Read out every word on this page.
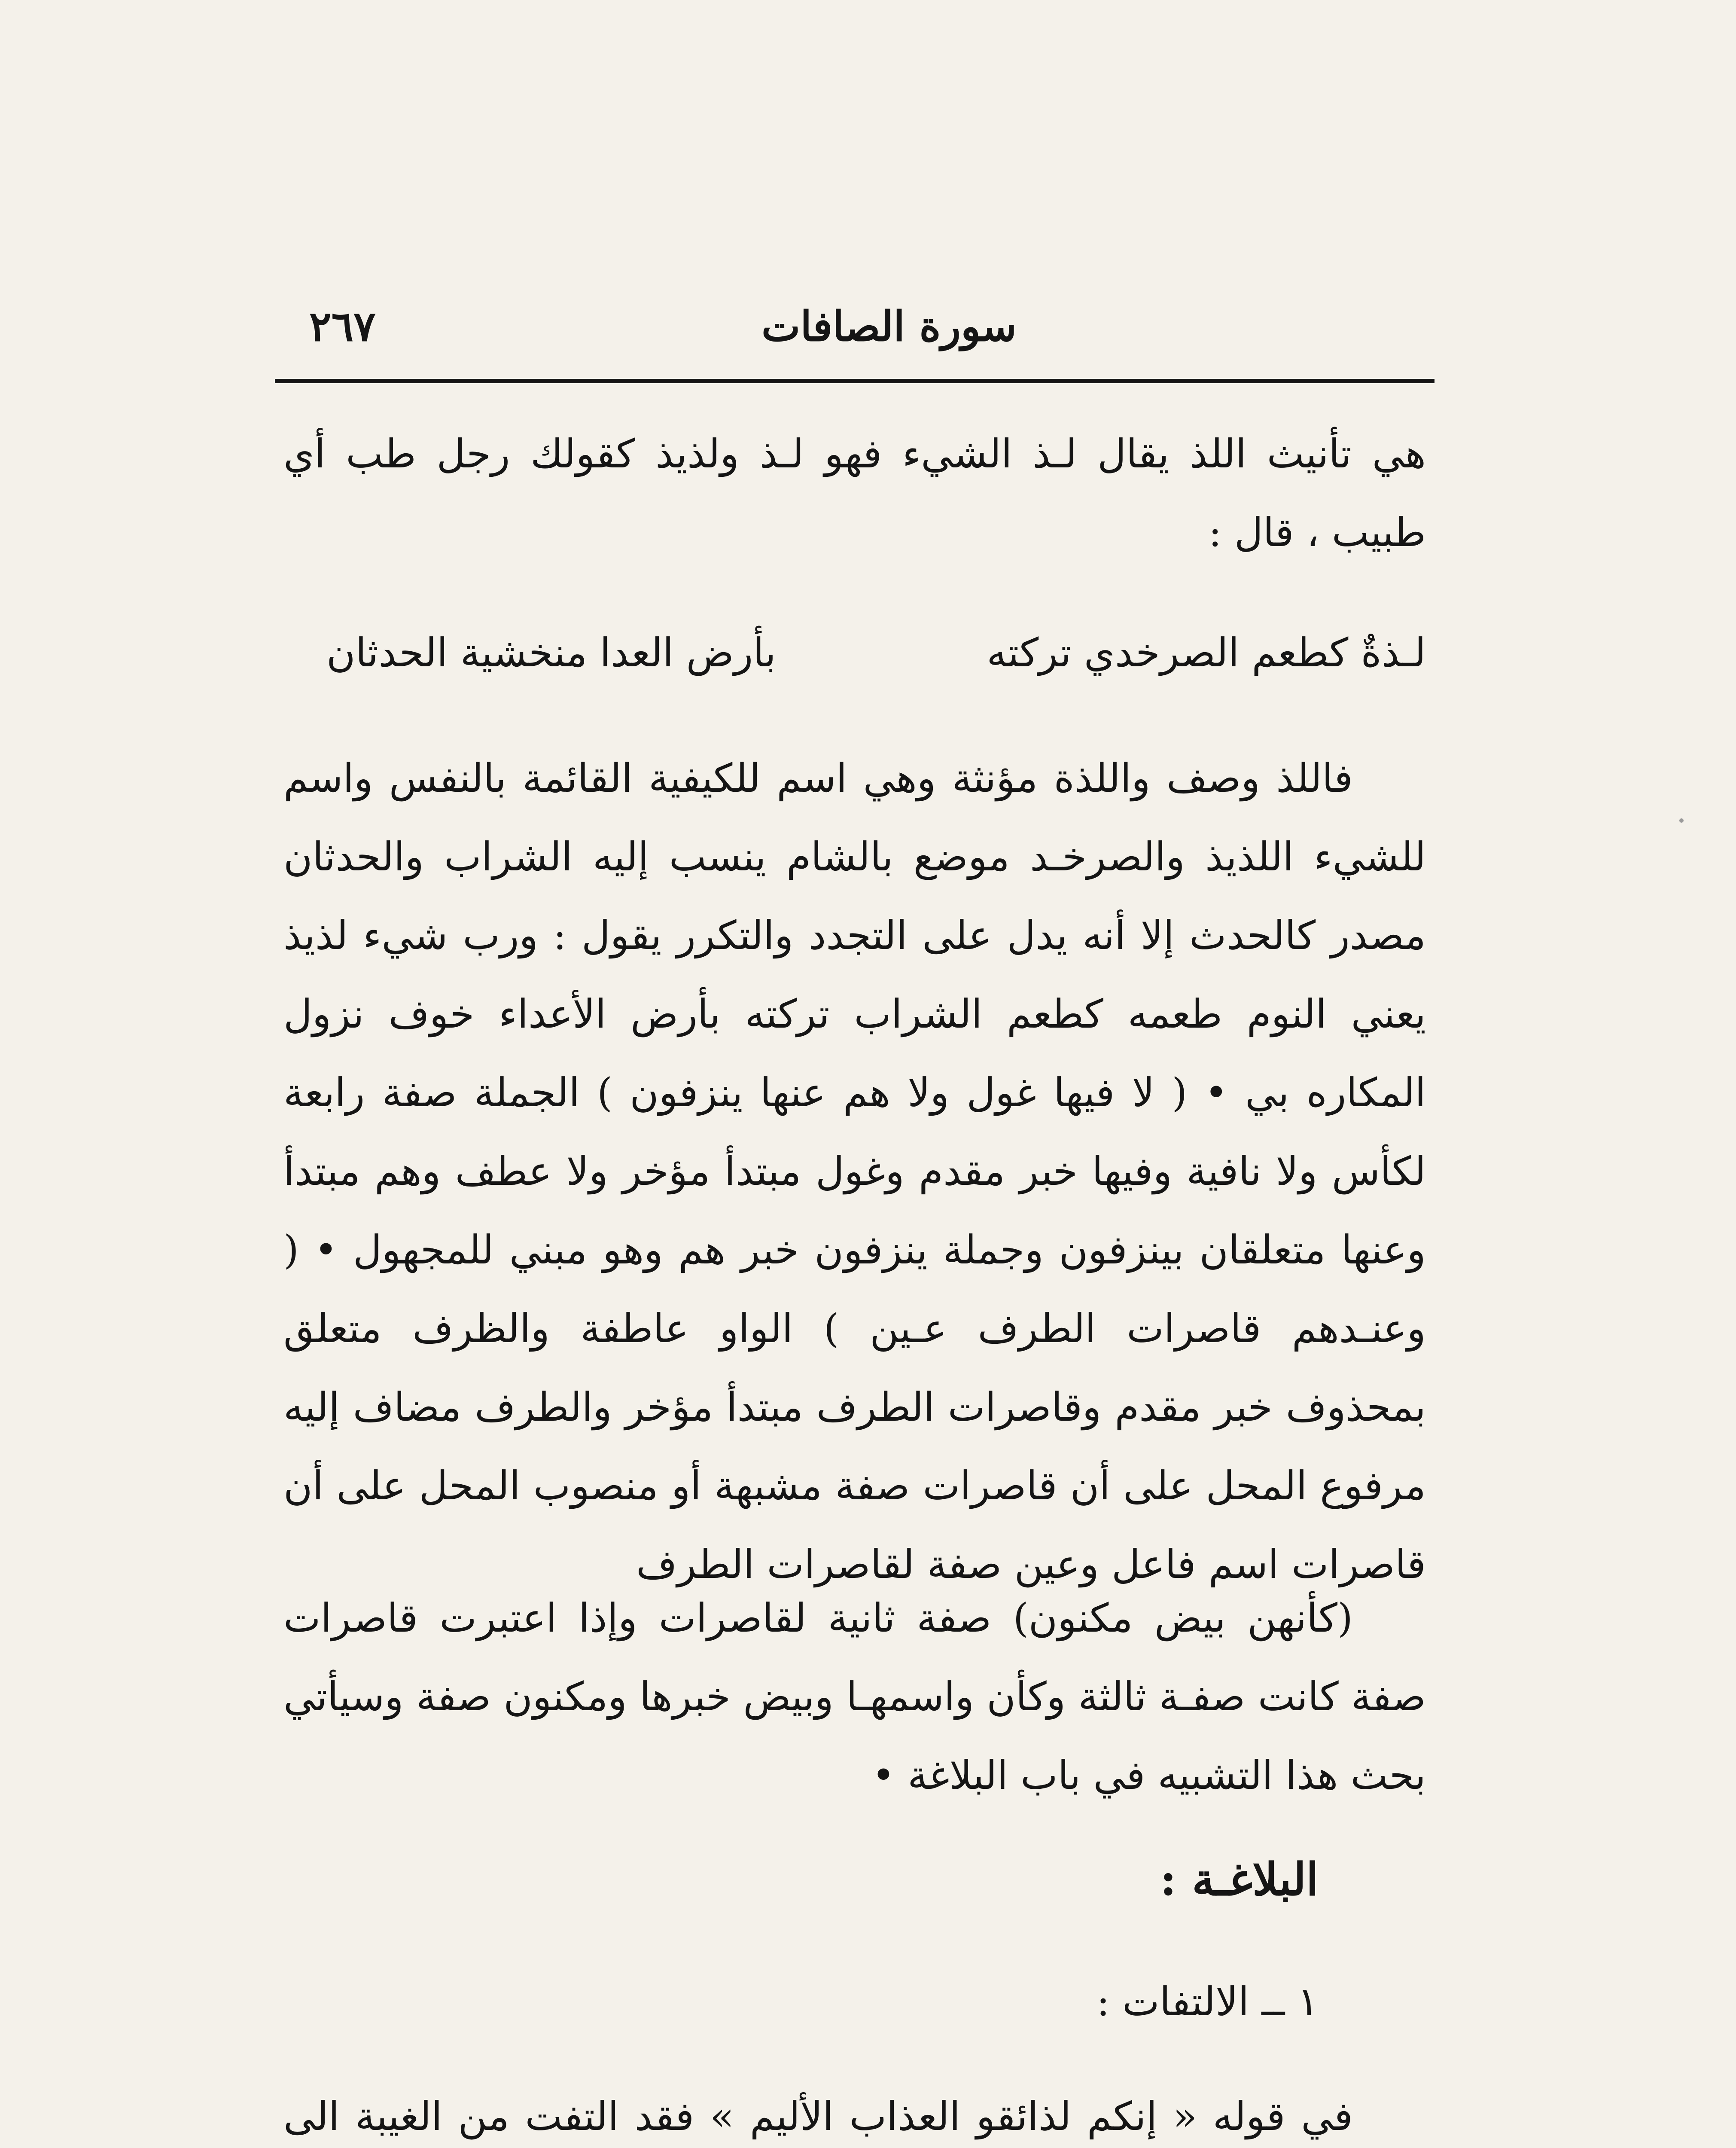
٢٦٧	سورة الصافات

هي تأنيث اللذ يقال لـذ الشيء فهو لـذ ولذيذ كقولك رجل طب أي طبيب ، قال :

لـذةٌ كطعم الصرخدي تركته
بأرض العدا منخشية الحدثان

فاللذ وصف واللذة مؤنثة وهي اسم للكيفية القائمة بالنفس واسم للشيء اللذيذ والصرخـد موضع بالشام ينسب إليه الشراب والحدثان مصدر كالحدث إلا أنه يدل على التجدد والتكرر يقول : ورب شيء لذيذ يعني النوم طعمه كطعم الشراب تركته بأرض الأعداء خوف نزول المكاره بي • ( لا فيها غول ولا هم عنها ينزفون ) الجملة صفة رابعة لكأس ولا نافية وفيها خبر مقدم وغول مبتدأ مؤخر ولا عطف وهم مبتدأ وعنها متعلقان بينزفون وجملة ينزفون خبر هم وهو مبني للمجهول • ( وعنـدهم قاصرات الطرف عـين ) الواو عاطفة والظرف متعلق بمحذوف خبر مقدم وقاصرات الطرف مبتدأ مؤخر والطرف مضاف إليه مرفوع المحل على أن قاصرات صفة مشبهة أو منصوب المحل على أن قاصرات اسم فاعل وعين صفة لقاصرات الطرف

(كأنهن بيض مكنون) صفة ثانية لقاصرات وإذا اعتبرت قاصرات صفة كانت صفـة ثالثة وكأن واسمهـا وبيض خبرها ومكنون صفة وسيأتي بحث هذا التشبيه في باب البلاغة •

البلاغـة :
١ ــ الالتفات :

في قوله « إنكم لذائقو العذاب الأليم » فقد التفت من الغيبة الى
